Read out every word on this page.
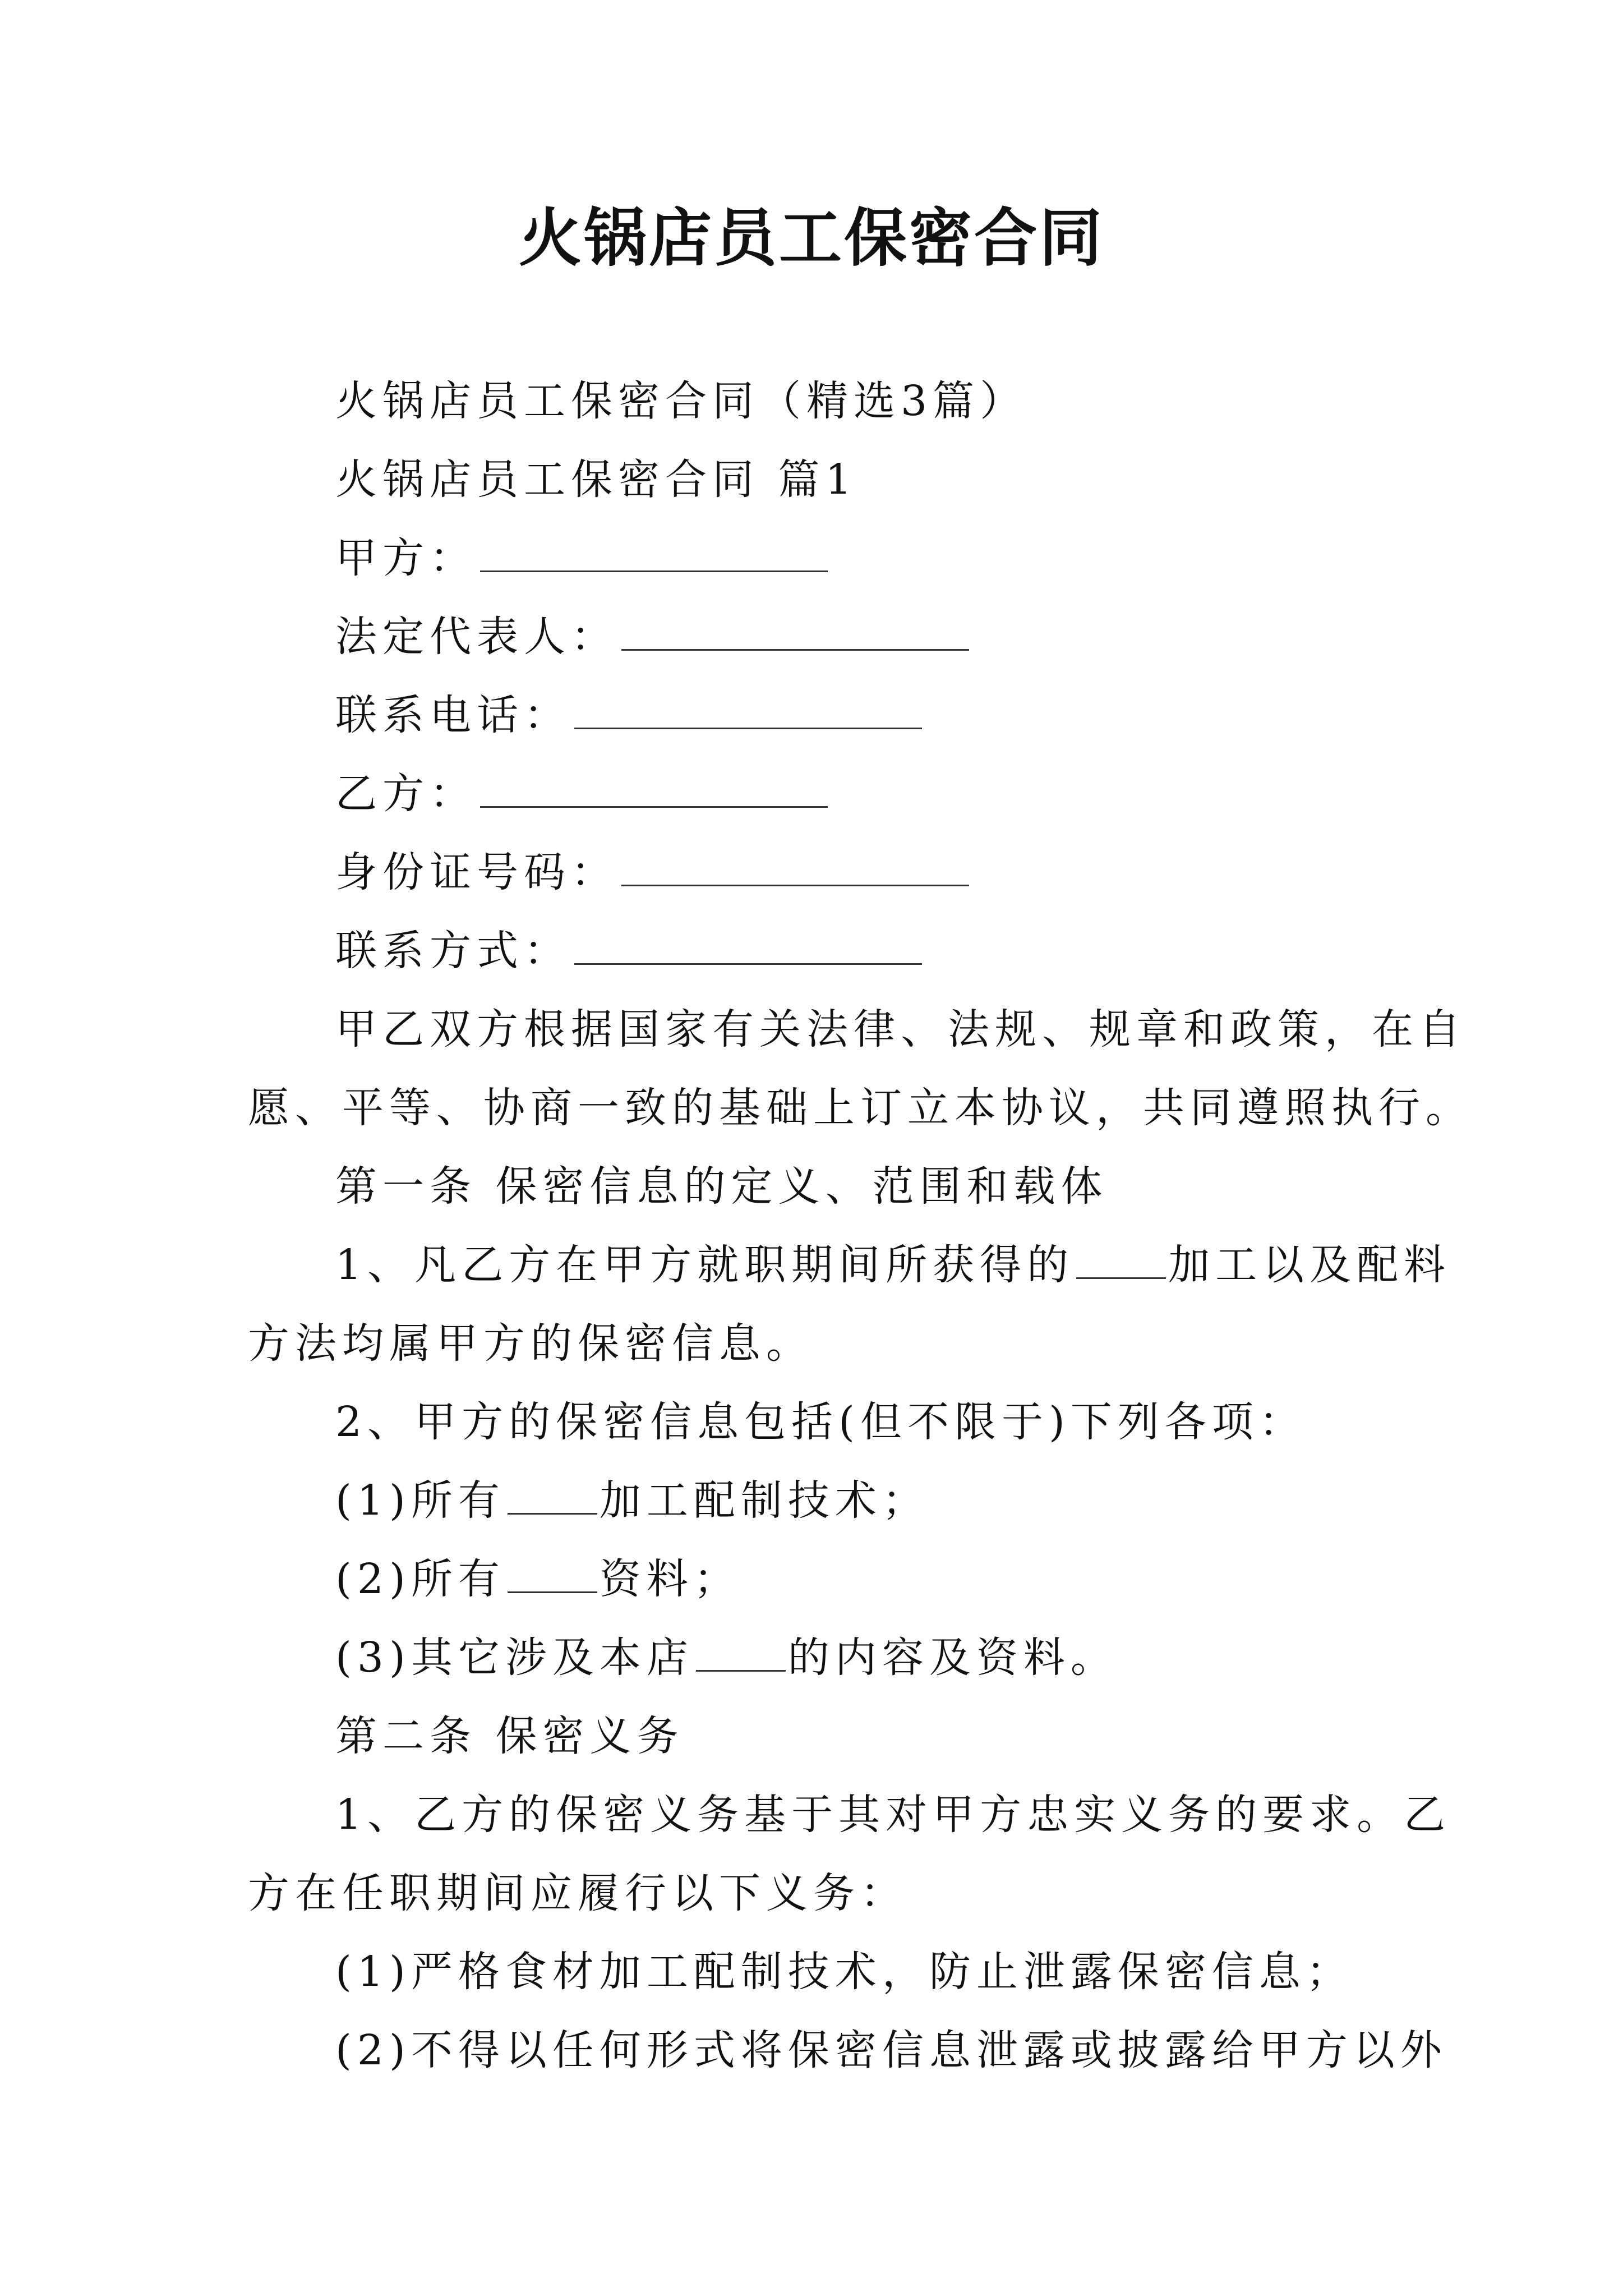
火锅店员工保密合同
火锅店员工保密合同（精选3篇）
火锅店员工保密合同 篇1
甲方：
法定代表人：
联系电话：
乙方：
身份证号码：
联系方式：
甲乙双方根据国家有关法律、法规、规章和政策，在自
愿、平等、协商一致的基础上订立本协议，共同遵照执行。
第一条 保密信息的定义、范围和载体
1、凡乙方在甲方就职期间所获得的 加工以及配料
方法均属甲方的保密信息。
2、甲方的保密信息包括(但不限于)下列各项：
(1)所有 加工配制技术；
(2)所有 资料；
(3)其它涉及本店 的内容及资料。
第二条 保密义务
1、乙方的保密义务基于其对甲方忠实义务的要求。乙
方在任职期间应履行以下义务：
(1)严格食材加工配制技术，防止泄露保密信息；
(2)不得以任何形式将保密信息泄露或披露给甲方以外
